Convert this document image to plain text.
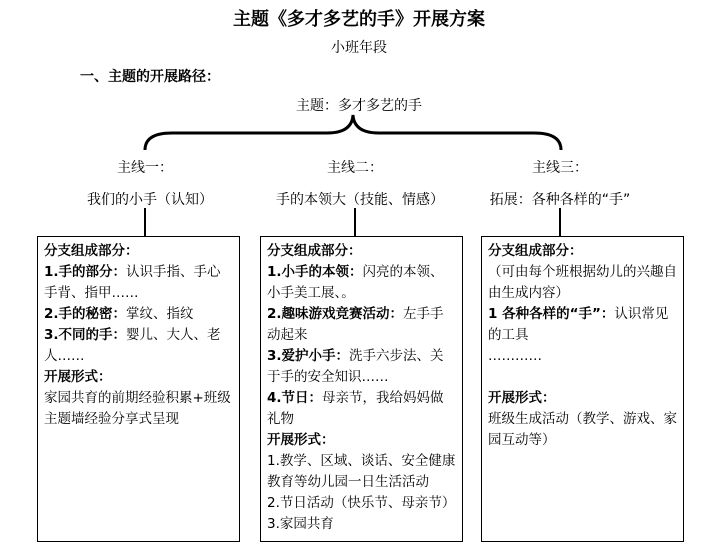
主题《多才多艺的手》开展方案
小班年段
一、主题的开展路径：
主题：多才多艺的手
主线一：	主线二：	主线三：
我们的小手（认知）	手的本领大（技能、情感）	拓展：各种各样的“手”
分支组成部分：
1.手的部分：认识手指、手心手背、指甲……
2.手的秘密：掌纹、指纹
3.不同的手：婴儿、大人、老人……
开展形式：
家园共育的前期经验积累+班级主题墙经验分享式呈现
分支组成部分：
1.小手的本领：闪亮的本领、小手美工展、。
2.趣味游戏竞赛活动：左手手动起来
3.爱护小手：洗手六步法、关于手的安全知识……
4.节日：母亲节，我给妈妈做礼物
开展形式：
1.教学、区域、谈话、安全健康教育等幼儿园一日生活活动
2.节日活动（快乐节、母亲节）
3.家园共育
分支组成部分：
（可由每个班根据幼儿的兴趣自由生成内容）
1 各种各样的“手”：认识常见的工具
…………
开展形式：
班级生成活动（教学、游戏、家园互动等）
